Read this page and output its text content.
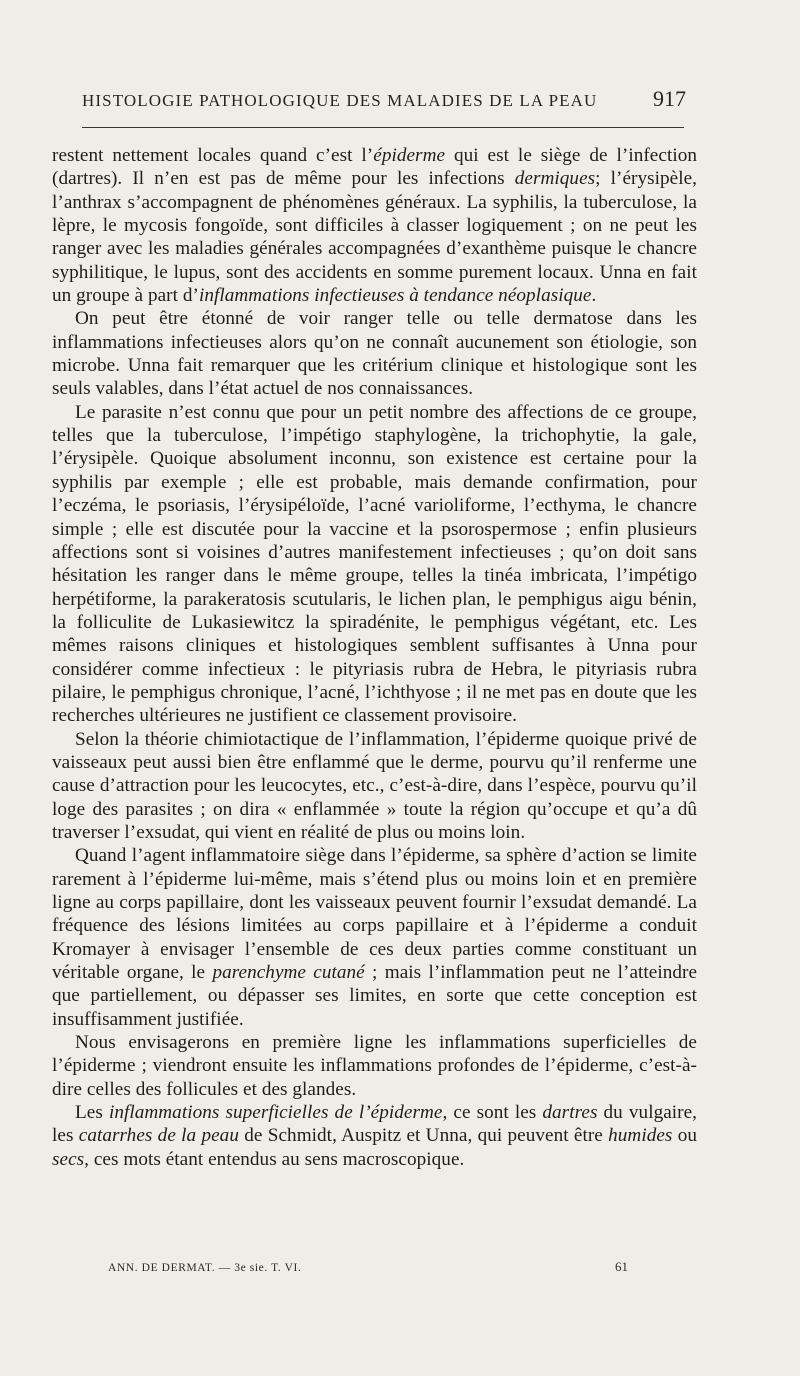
HISTOLOGIE PATHOLOGIQUE DES MALADIES DE LA PEAU	917

restent nettement locales quand c’est l’épiderme qui est le siège de l’infection (dartres). Il n’en est pas de même pour les infections dermiques; l’érysipèle, l’anthrax s’accompagnent de phénomènes généraux. La syphilis, la tuberculose, la lèpre, le mycosis fongoïde, sont difficiles à classer logiquement ; on ne peut les ranger avec les maladies générales accompagnées d’exanthème puisque le chancre syphilitique, le lupus, sont des accidents en somme purement locaux. Unna en fait un groupe à part d’inflammations infectieuses à tendance néoplasique.

On peut être étonné de voir ranger telle ou telle dermatose dans les inflammations infectieuses alors qu’on ne connaît aucunement son étiologie, son microbe. Unna fait remarquer que les critérium clinique et histologique sont les seuls valables, dans l’état actuel de nos connaissances.

Le parasite n’est connu que pour un petit nombre des affections de ce groupe, telles que la tuberculose, l’impétigo staphylogène, la trichophytie, la gale, l’érysipèle. Quoique absolument inconnu, son existence est certaine pour la syphilis par exemple ; elle est probable, mais demande confirmation, pour l’eczéma, le psoriasis, l’érysipéloïde, l’acné varioliforme, l’ecthyma, le chancre simple ; elle est discutée pour la vaccine et la psorospermose ; enfin plusieurs affections sont si voisines d’autres manifestement infectieuses ; qu’on doit sans hésitation les ranger dans le même groupe, telles la tinéa imbricata, l’impétigo herpétiforme, la parakeratosis scutularis, le lichen plan, le pemphigus aigu bénin, la folliculite de Lukasiewitcz la spiradénite, le pemphigus végétant, etc. Les mêmes raisons cliniques et histologiques semblent suffisantes à Unna pour considérer comme infectieux : le pityriasis rubra de Hebra, le pityriasis rubra pilaire, le pemphigus chronique, l’acné, l’ichthyose ; il ne met pas en doute que les recherches ultérieures ne justifient ce classement provisoire.

Selon la théorie chimiotactique de l’inflammation, l’épiderme quoique privé de vaisseaux peut aussi bien être enflammé que le derme, pourvu qu’il renferme une cause d’attraction pour les leucocytes, etc., c’est-à-dire, dans l’espèce, pourvu qu’il loge des parasites ; on dira « enflammée » toute la région qu’occupe et qu’a dû traverser l’exsudat, qui vient en réalité de plus ou moins loin.

Quand l’agent inflammatoire siège dans l’épiderme, sa sphère d’action se limite rarement à l’épiderme lui-même, mais s’étend plus ou moins loin et en première ligne au corps papillaire, dont les vaisseaux peuvent fournir l’exsudat demandé. La fréquence des lésions limitées au corps papillaire et à l’épiderme a conduit Kromayer à envisager l’ensemble de ces deux parties comme constituant un véritable organe, le parenchyme cutané ; mais l’inflammation peut ne l’atteindre que partiellement, ou dépasser ses limites, en sorte que cette conception est insuffisamment justifiée.

Nous envisagerons en première ligne les inflammations superficielles de l’épiderme ; viendront ensuite les inflammations profondes de l’épiderme, c’est-à-dire celles des follicules et des glandes.

Les inflammations superficielles de l’épiderme, ce sont les dartres du vulgaire, les catarrhes de la peau de Schmidt, Auspitz et Unna, qui peuvent être humides ou secs, ces mots étant entendus au sens macroscopique.

ANN. DE DERMAT. — 3e sie. T. VI.	61
